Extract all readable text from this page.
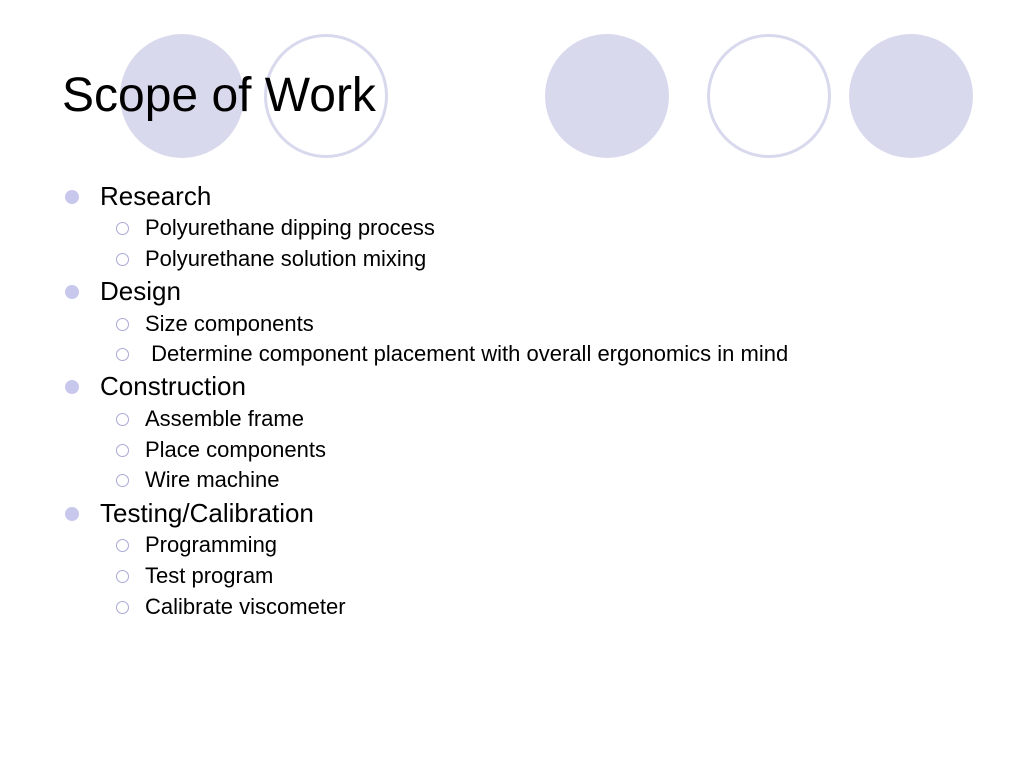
Scope of Work
Research
Polyurethane dipping process
Polyurethane solution mixing
Design
Size components
Determine component placement with overall ergonomics in mind
Construction
Assemble frame
Place components
Wire machine
Testing/Calibration
Programming
Test program
Calibrate viscometer
